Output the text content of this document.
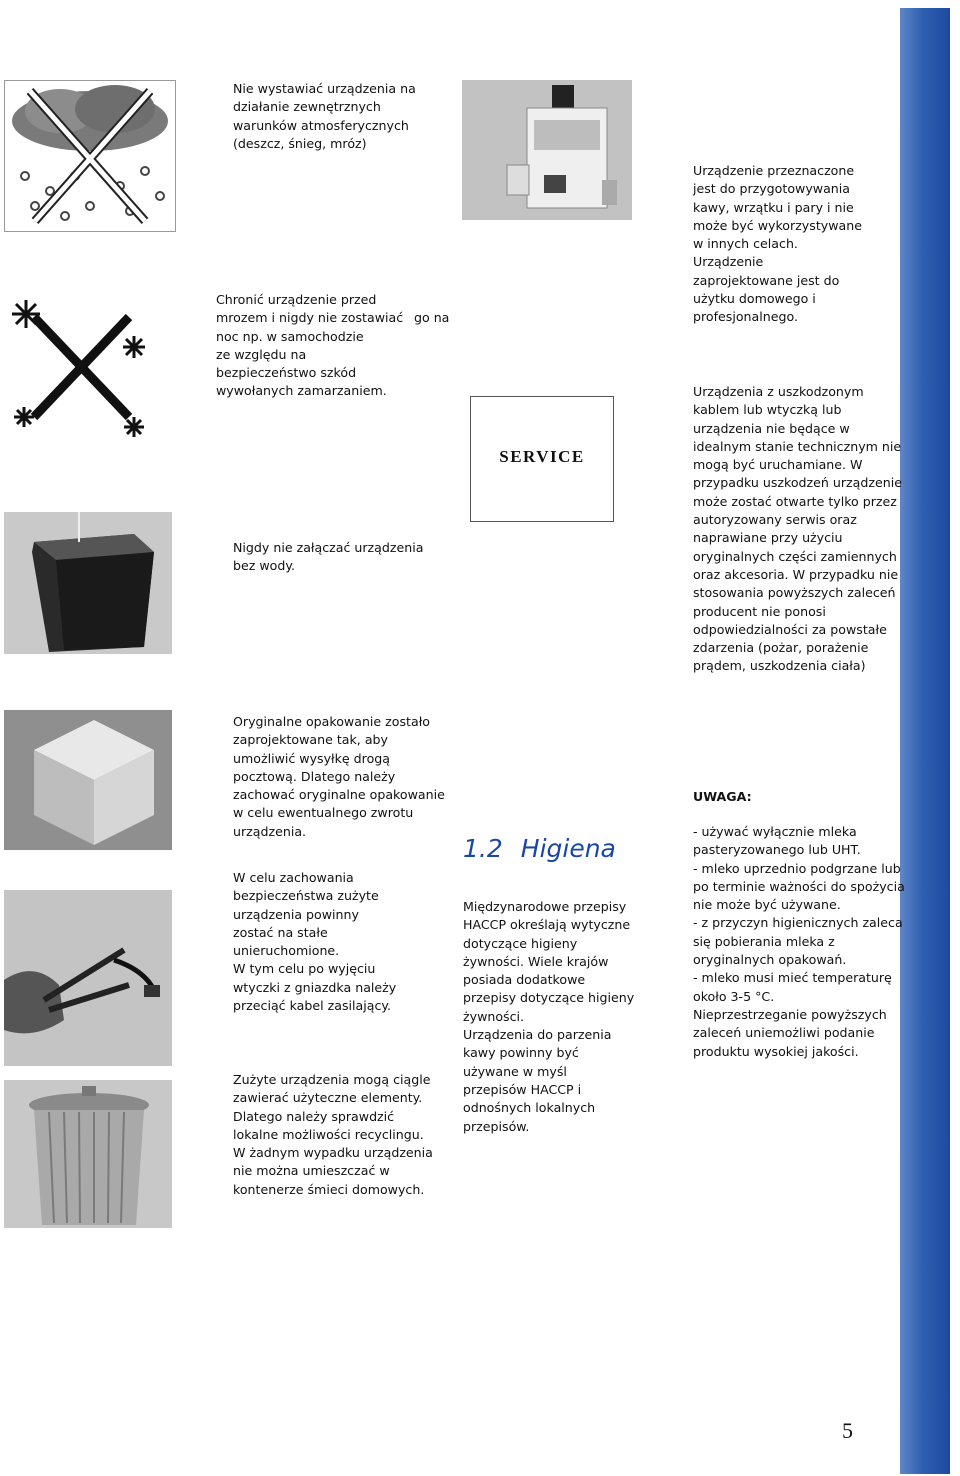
SERVICE
Nie wystawiać urządzenia na
działanie zewnętrznych
warunków atmosferycznych
(deszcz, śnieg, mróz)
Chronić urządzenie przed
mrozem i nigdy nie zostawiać
noc np. w samochodzie
ze względu na
bezpieczeństwo szkód
wywołanych zamarzaniem.
go na
Nigdy nie załączać urządzenia
bez wody.
Oryginalne opakowanie zostało
zaprojektowane tak, aby
umożliwić wysyłkę drogą
pocztową. Dlatego należy
zachować oryginalne opakowanie
w celu ewentualnego zwrotu
urządzenia.
W celu zachowania
bezpieczeństwa zużyte
urządzenia powinny
zostać na stałe
unieruchomione.
W tym celu po wyjęciu
wtyczki z gniazdka należy
przeciąć kabel zasilający.
Zużyte urządzenia mogą ciągle
zawierać użyteczne elementy.
Dlatego należy sprawdzić
lokalne możliwości recyclingu.
W żadnym wypadku urządzenia
nie można umieszczać w
kontenerze śmieci domowych.
Urządzenie przeznaczone
jest do przygotowywania
kawy, wrzątku i pary i nie
może być wykorzystywane
w innych celach.
Urządzenie
zaprojektowane jest do
użytku domowego i
profesjonalnego.
Urządzenia z uszkodzonym
kablem lub wtyczką lub
urządzenia nie będące w
idealnym stanie technicznym nie
mogą być uruchamiane. W
przypadku uszkodzeń urządzenie
może zostać otwarte tylko przez
autoryzowany serwis oraz
naprawiane przy użyciu
oryginalnych części zamiennych
oraz akcesoria. W przypadku nie
stosowania powyższych zaleceń
producent nie ponosi
odpowiedzialności za powstałe
zdarzenia (pożar, porażenie
prądem, uszkodzenia ciała)
1.2 Higiena
Międzynarodowe przepisy
HACCP określają wytyczne
dotyczące higieny
żywności. Wiele krajów
posiada dodatkowe
przepisy dotyczące higieny
żywności.
Urządzenia do parzenia
kawy powinny być
używane w myśl
przepisów HACCP i
odnośnych lokalnych
przepisów.
UWAGA:
- używać wyłącznie mleka
pasteryzowanego lub UHT.
- mleko uprzednio podgrzane lub
po terminie ważności do spożycia
nie może być używane.
- z przyczyn higienicznych zaleca
się pobierania mleka z
oryginalnych opakowań.
- mleko musi mieć temperaturę
około 3-5 °C.
Nieprzestrzeganie powyższych
zaleceń uniemożliwi podanie
produktu wysokiej jakości.
5
